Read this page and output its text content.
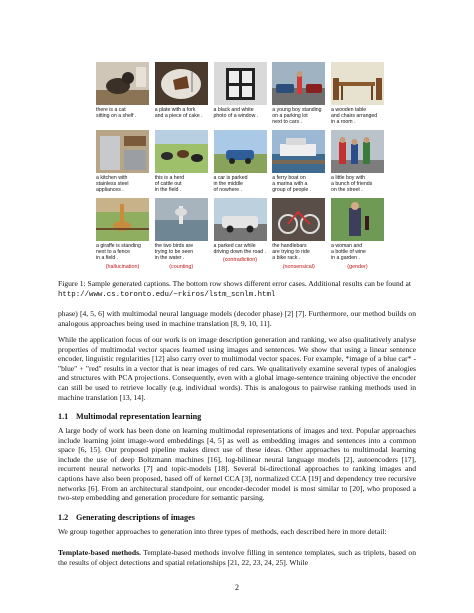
there is a cat
sitting on a shelf .
a plate with a fork
and a piece of cake .
a black and white
photo of a window .
a young boy standing
on a parking lot
next to cars .
a wooden table
and chairs arranged
in a room .
a kitchen with
stainless steel
appliances .
this is a herd
of cattle out
in the field .
a car is parked
in the middle
of nowhere .
a ferry boat on
a marina with a
group of people .
a little boy with
a bunch of friends
on the street .
a giraffe is standing
next to a fence
in a field .
(hallucination)
the two birds are
trying to be seen
in the water .
(counting)
a parked car while
driving down the road .
(contradiction)
the handlebars
are trying to ride
a bike rack .
(nonsensical)
a woman and
a bottle of wine
in a garden .
(gender)
Figure 1: Sample generated captions. The bottom row shows different error cases. Additional results can be found at http://www.cs.toronto.edu/~rkiros/lstm_scnlm.html
phase) [4, 5, 6] with multimodal neural language models (decoder phase) [2] [7]. Furthermore, our method builds on analogous approaches being used in machine translation [8, 9, 10, 11].
While the application focus of our work is on image description generation and ranking, we also qualitatively analyse properties of multimodal vector spaces learned using images and sentences. We show that using a linear sentence encoder, linguistic regularities [12] also carry over to multimodal vector spaces. For example, *image of a blue car* - "blue" + "red" results in a vector that is near images of red cars. We qualitatively examine several types of analogies and structures with PCA projections. Consequently, even with a global image-sentence training objective the encoder can still be used to retrieve locally (e.g. individual words). This is analogous to pairwise ranking methods used in machine translation [13, 14].
1.1 Multimodal representation learning
A large body of work has been done on learning multimodal representations of images and text. Popular approaches include learning joint image-word embeddings [4, 5] as well as embedding images and sentences into a common space [6, 15]. Our proposed pipeline makes direct use of these ideas. Other approaches to multimodal learning include the use of deep Boltzmann machines [16], log-bilinear neural language models [2], autoencoders [17], recurrent neural networks [7] and topic-models [18]. Several bi-directional approaches to ranking images and captions have also been proposed, based off of kernel CCA [3], normalized CCA [19] and dependency tree recursive networks [6]. From an architectural standpoint, our encoder-decoder model is most similar to [20], who proposed a two-step embedding and generation procedure for semantic parsing.
1.2 Generating descriptions of images
We group together approaches to generation into three types of methods, each described here in more detail:
Template-based methods. Template-based methods involve filling in sentence templates, such as triplets, based on the results of object detections and spatial relationships [21, 22, 23, 24, 25]. While
2
